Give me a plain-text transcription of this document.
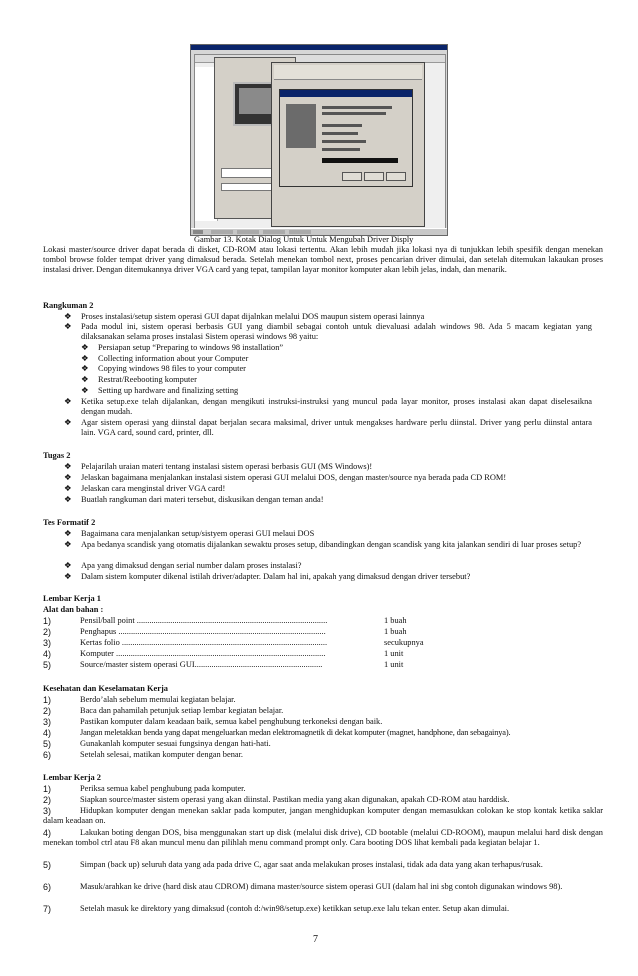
Gambar 13. Kotak Dialog Untuk Untuk Mengubah Driver Disply

Lokasi master/source driver dapat berada di disket, CD-ROM atau lokasi tertentu. Akan lebih mudah jika lokasi nya di tunjukkan lebih spesifik dengan menekan tombol browse folder tempat driver yang dimaksud berada. Setelah menekan tombol next, proses pencarian driver dimulai, dan setelah ditemukan lakaukan proses instalasi driver. Dengan ditemukannya driver VGA card yang tepat, tampilan layar monitor komputer akan lebih jelas, indah, dan menarik.

Rangkuman 2

❖	Proses instalasi/setup sistem operasi GUI dapat dijalnkan melalui DOS maupun sistem operasi lainnya
❖	Pada modul ini, sistem operasi berbasis GUI yang diambil sebagai contoh untuk dievaluasi adalah windows 98. Ada 5 macam kegiatan yang dilaksanakan selama proses instalasi Sistem operasi windows 98 yaitu:
❖	Persiapan setup “Preparing to windows 98 installation”
❖	Collecting information about your Computer
❖	Copying windows 98 files to your computer
❖	Restrat/Reebooting komputer
❖	Setting up hardware and finalizing setting
❖	Ketika setup.exe telah dijalankan, dengan mengikuti instruksi-instruksi yang muncul pada layar monitor, proses instalasi akan dapat diselesaikna dengan mudah.
❖	Agar sistem operasi yang diinstal dapat berjalan secara maksimal, driver untuk mengakses hardware perlu diinstal. Driver yang perlu diinstal antara lain. VGA card, sound card, printer, dll.

Tugas 2

❖	Pelajarilah uraian materi tentang instalasi sistem operasi berbasis GUI (MS Windows)!
❖	Jelaskan bagaimana menjalankan instalasi sistem operasi GUI melalui DOS, dengan master/source nya berada pada CD ROM!
❖	Jelaskan cara menginstal driver VGA card!
❖	Buatlah rangkuman dari materi tersebut, diskusikan dengan teman anda!

Tes Formatif 2

❖	Bagaimana cara menjalankan setup/sistyem operasi GUI melaui DOS
❖	Apa bedanya scandisk yang otomatis dijalankan sewaktu proses setup, dibandingkan dengan scandisk yang kita jalankan sendiri di luar proses setup?
❖	Apa yang dimaksud dengan serial number dalam proses instalasi?
❖	Dalam sistem komputer dikenal istilah driver/adapter. Dalam hal ini, apakah yang dimaksud dengan driver tersebut?

Lembar Kerja 1

Alat dan bahan :

1)	Pensil/ball point ...........................................................................................	1 buah

2)	Penghapus ...................................................................................................	1 buah

3)	Kertas folio ..................................................................................................	secukupnya

4)	Komputer ....................................................................................................	1 unit

5)	Source/master sistem operasi GUI.............................................................	1 unit

Kesehatan dan Keselamatan Kerja

1)	Berdo’alah sebelum memulai kegiatan belajar.

2)	Baca dan pahamilah petunjuk setiap lembar kegiatan belajar.

3)	Pastikan komputer dalam keadaan baik, semua kabel penghubung terkoneksi dengan baik.

4)	Jangan meletakkan benda yang dapat mengeluarkan medan elektromagnetik di dekat komputer (magnet, handphone, dan sebagainya).

5)	Gunakanlah komputer sesuai fungsinya dengan hati-hati.

6)	Setelah selesai, matikan komputer dengan benar.

Lembar Kerja 2

1)	Periksa semua kabel penghubung pada komputer.

2)	Siapkan source/master sistem operasi yang akan diinstal. Pastikan media yang akan digunakan, apakah CD-ROM atau harddisk.

3)	Hidupkan komputer dengan menekan saklar pada komputer, jangan menghidupkan komputer dengan memasukkan colokan ke stop kontak ketika saklar dalam keadaan on.

4)	Lakukan boting dengan DOS, bisa menggunakan start up disk (melalui disk drive), CD bootable (melalui CD-ROOM), maupun melalui hard disk dengan menekan tombol ctrl atau F8 akan muncul menu dan pilihlah menu command prompt only. Cara booting DOS lihat kembali pada kegiatan belajar 1.

5)	Simpan (back up) seluruh data yang ada pada drive C, agar saat anda melakukan proses instalasi, tidak ada data yang akan terhapus/rusak.

6)	Masuk/arahkan ke drive (hard disk atau CDROM) dimana master/source sistem operasi GUI (dalam hal ini sbg contoh digunakan windows 98).

7)	Setelah masuk ke direktory yang dimaksud (contoh d:/win98/setup.exe) ketikkan setup.exe lalu tekan enter. Setup akan dimulai.

7
